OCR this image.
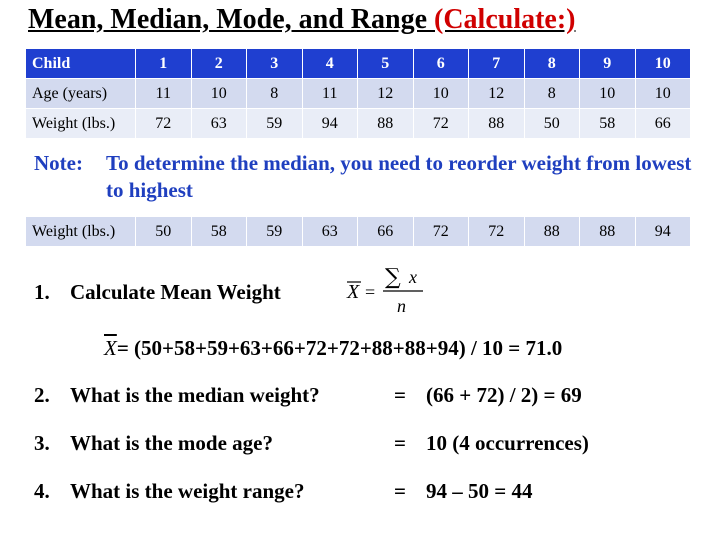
Mean, Median, Mode, and Range (Calculate:)
Child	1	2	3	4	5	6	7	8	9	10
Age (years)	11	10	8	11	12	10	12	8	10	10
Weight (lbs.)	72	63	59	94	88	72	88	50	58	66
Note: To determine the median, you need to reorder weight from lowest to highest
Weight (lbs.)	50	58	59	63	66	72	72	88	88	94
1. Calculate Mean Weight	X =
∑ x
n
$\overline{X}= (50+58+59+63+66+72+72+88+88+94) / 10 = 71.0$
2. What is the median weight?	= (66 + 72) / 2) = 69
3. What is the mode age?	= 10 (4 occurrences)
4. What is the weight range?	= 94 – 50 = 44
